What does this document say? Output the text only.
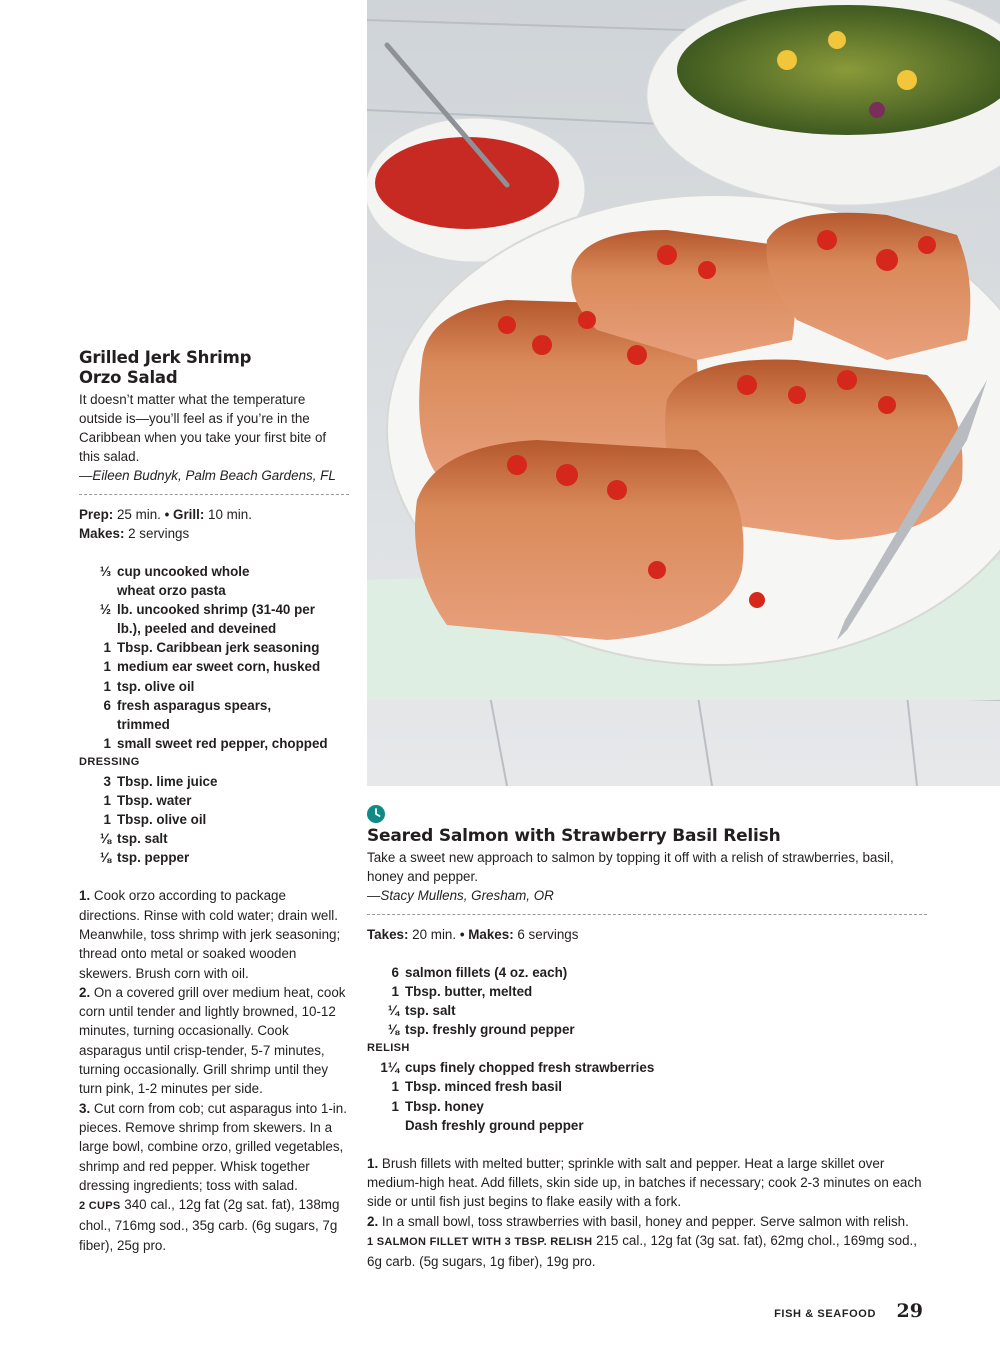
Grilled Jerk Shrimp
Orzo Salad
It doesn’t matter what the temperature outside is—you’ll feel as if you’re in the Caribbean when you take your first bite of this salad.
—Eileen Budnyk, Palm Beach Gardens, FL
Prep: 25 min. • Grill: 10 min.
Makes: 2 servings
⅓ cup uncooked whole
wheat orzo pasta
½ lb. uncooked shrimp (31-40 per
lb.), peeled and deveined
1 Tbsp. Caribbean jerk seasoning
1 medium ear sweet corn, husked
1 tsp. olive oil
6 fresh asparagus spears,
trimmed
1 small sweet red pepper, chopped
DRESSING
3 Tbsp. lime juice
1 Tbsp. water
1 Tbsp. olive oil
⅛ tsp. salt
⅛ tsp. pepper

1. Cook orzo according to package directions. Rinse with cold water; drain well. Meanwhile, toss shrimp with jerk seasoning; thread onto metal or soaked wooden skewers. Brush corn with oil.

2. On a covered grill over medium heat, cook corn until tender and lightly browned, 10-12 minutes, turning occasionally. Cook asparagus until crisp-tender, 5-7 minutes, turning occasionally. Grill shrimp until they turn pink, 1-2 minutes per side.

3. Cut corn from cob; cut asparagus into 1-in. pieces. Remove shrimp from skewers. In a large bowl, combine orzo, grilled vegetables, shrimp and red pepper. Whisk together dressing ingredients; toss with salad.

2 CUPS 340 cal., 12g fat (2g sat. fat), 138mg chol., 716mg sod., 35g carb. (6g sugars, 7g fiber), 25g pro.
Seared Salmon with Strawberry Basil Relish
Take a sweet new approach to salmon by topping it off with a relish of strawberries, basil, honey and pepper.
—Stacy Mullens, Gresham, OR
Takes: 20 min. • Makes: 6 servings
6 salmon fillets (4 oz. each)
1 Tbsp. butter, melted
¼ tsp. salt
⅛ tsp. freshly ground pepper
RELISH
1¼ cups finely chopped fresh strawberries
1 Tbsp. minced fresh basil
1 Tbsp. honey
Dash freshly ground pepper

1. Brush fillets with melted butter; sprinkle with salt and pepper. Heat a large skillet over medium-high heat. Add fillets, skin side up, in batches if necessary; cook 2-3 minutes on each side or until fish just begins to flake easily with a fork.

2. In a small bowl, toss strawberries with basil, honey and pepper. Serve salmon with relish.

1 SALMON FILLET WITH 3 TBSP. RELISH 215 cal., 12g fat (3g sat. fat), 62mg chol., 169mg sod., 6g carb. (5g sugars, 1g fiber), 19g pro.
FISH & SEAFOOD 29
